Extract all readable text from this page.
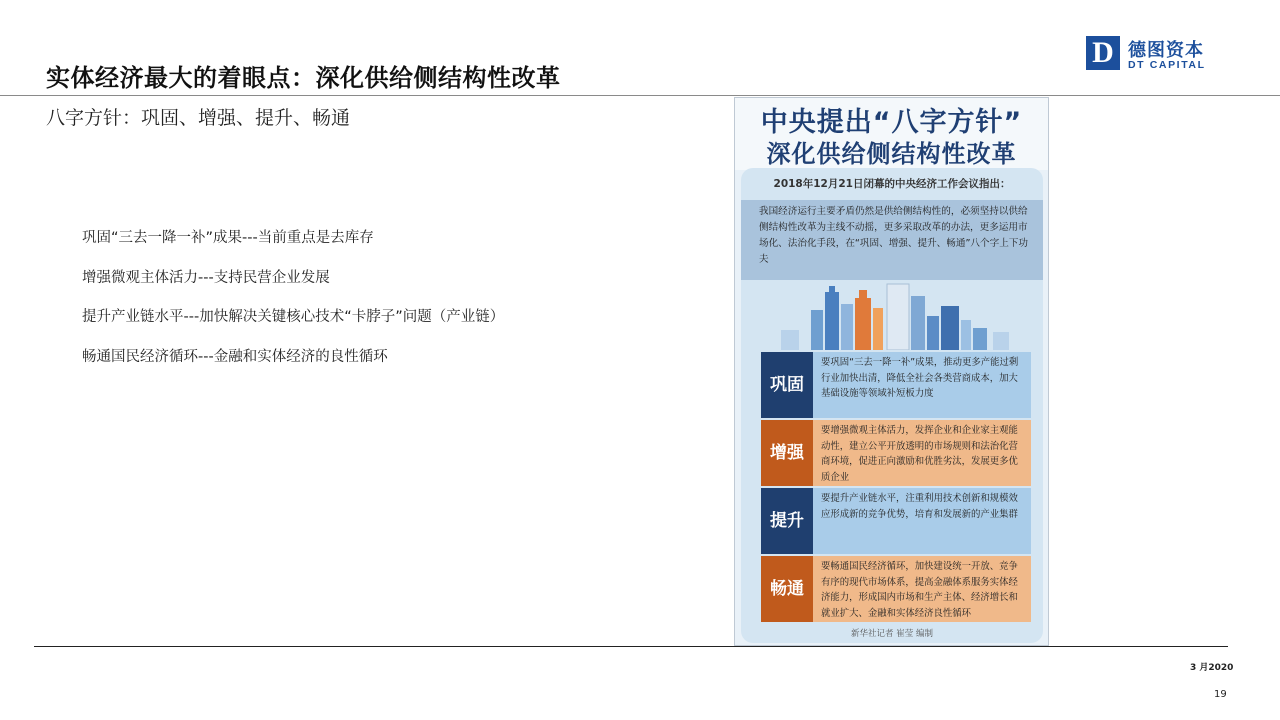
实体经济最大的着眼点：深化供给侧结构性改革
D 德图资本
DT CAPITAL
八字方针：巩固、增强、提升、畅通
巩固“三去一降一补”成果---当前重点是去库存
增强微观主体活力---支持民营企业发展
提升产业链水平---加快解决关键核心技术“卡脖子”问题（产业链）
畅通国民经济循环---金融和实体经济的良性循环
中央提出“八字方针”
深化供给侧结构性改革
2018年12月21日闭幕的中央经济工作会议指出：
我国经济运行主要矛盾仍然是供给侧结构性的，必须坚持以供给侧结构性改革为主线不动摇，更多采取改革的办法，更多运用市场化、法治化手段，在“巩固、增强、提升、畅通”八个字上下功夫
巩固
要巩固“三去一降一补”成果，推动更多产能过剩行业加快出清，降低全社会各类营商成本，加大基础设施等领域补短板力度
增强
要增强微观主体活力，发挥企业和企业家主观能动性，建立公平开放透明的市场规则和法治化营商环境，促进正向激励和优胜劣汰，发展更多优质企业
提升
要提升产业链水平，注重利用技术创新和规模效应形成新的竞争优势，培育和发展新的产业集群
畅通
要畅通国民经济循环，加快建设统一开放、竞争有序的现代市场体系，提高金融体系服务实体经济能力，形成国内市场和生产主体、经济增长和就业扩大、金融和实体经济良性循环
新华社记者 崔莹 编制
3 月2020
19
